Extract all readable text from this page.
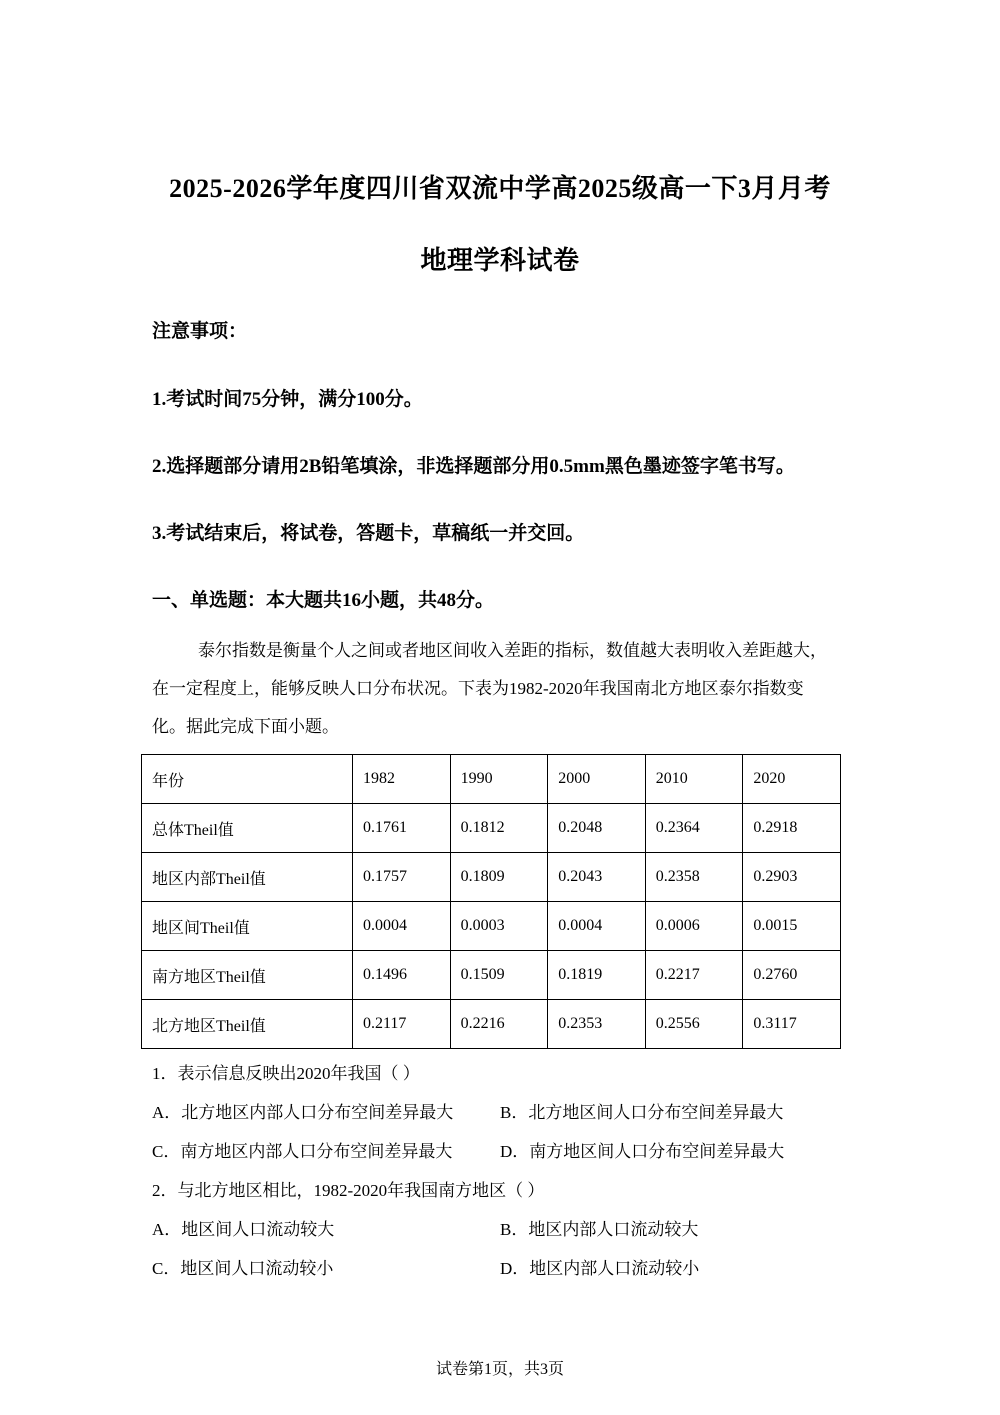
2025-2026学年度四川省双流中学高2025级高一下3月月考
地理学科试卷
注意事项：
1.考试时间75分钟，满分100分。
2.选择题部分请用2B铅笔填涂，非选择题部分用0.5mm黑色墨迹签字笔书写。
3.考试结束后，将试卷，答题卡，草稿纸一并交回。
一、单选题：本大题共16小题，共48分。
泰尔指数是衡量个人之间或者地区间收入差距的指标，数值越大表明收入差距越大，
在一定程度上，能够反映人口分布状况。下表为1982-2020年我国南北方地区泰尔指数变
化。据此完成下面小题。
年份	1982	1990	2000	2010	2020
总体Theil值	0.1761	0.1812	0.2048	0.2364	0.2918
地区内部Theil值	0.1757	0.1809	0.2043	0.2358	0.2903
地区间Theil值	0.0004	0.0003	0.0004	0.0006	0.0015
南方地区Theil值	0.1496	0.1509	0.1819	0.2217	0.2760
北方地区Theil值	0.2117	0.2216	0.2353	0.2556	0.3117
1．表示信息反映出2020年我国（ ）
A．北方地区内部人口分布空间差异最大	B．北方地区间人口分布空间差异最大
C．南方地区内部人口分布空间差异最大	D．南方地区间人口分布空间差异最大
2．与北方地区相比，1982-2020年我国南方地区（ ）
A．地区间人口流动较大	B．地区内部人口流动较大
C．地区间人口流动较小	D．地区内部人口流动较小
试卷第1页，共3页
